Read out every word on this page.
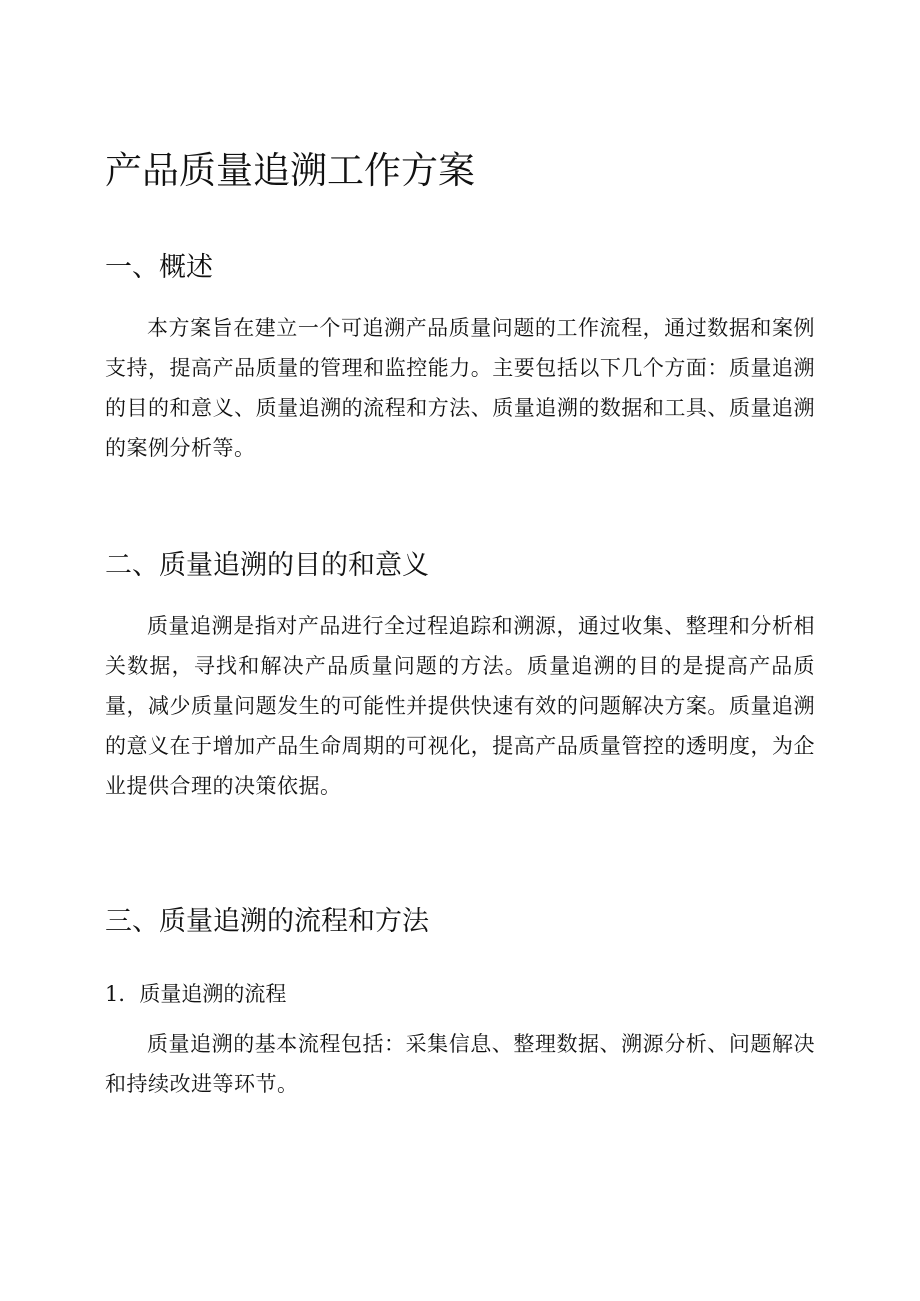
产品质量追溯工作方案
一、概述

本方案旨在建立一个可追溯产品质量问题的工作流程，通过数据和案例支持，提高产品质量的管理和监控能力。主要包括以下几个方面：质量追溯的目的和意义、质量追溯的流程和方法、质量追溯的数据和工具、质量追溯的案例分析等。

二、质量追溯的目的和意义

质量追溯是指对产品进行全过程追踪和溯源，通过收集、整理和分析相关数据，寻找和解决产品质量问题的方法。质量追溯的目的是提高产品质量，减少质量问题发生的可能性并提供快速有效的问题解决方案。质量追溯的意义在于增加产品生命周期的可视化，提高产品质量管控的透明度，为企业提供合理的决策依据。

三、质量追溯的流程和方法
1．质量追溯的流程

质量追溯的基本流程包括：采集信息、整理数据、溯源分析、问题解决和持续改进等环节。
